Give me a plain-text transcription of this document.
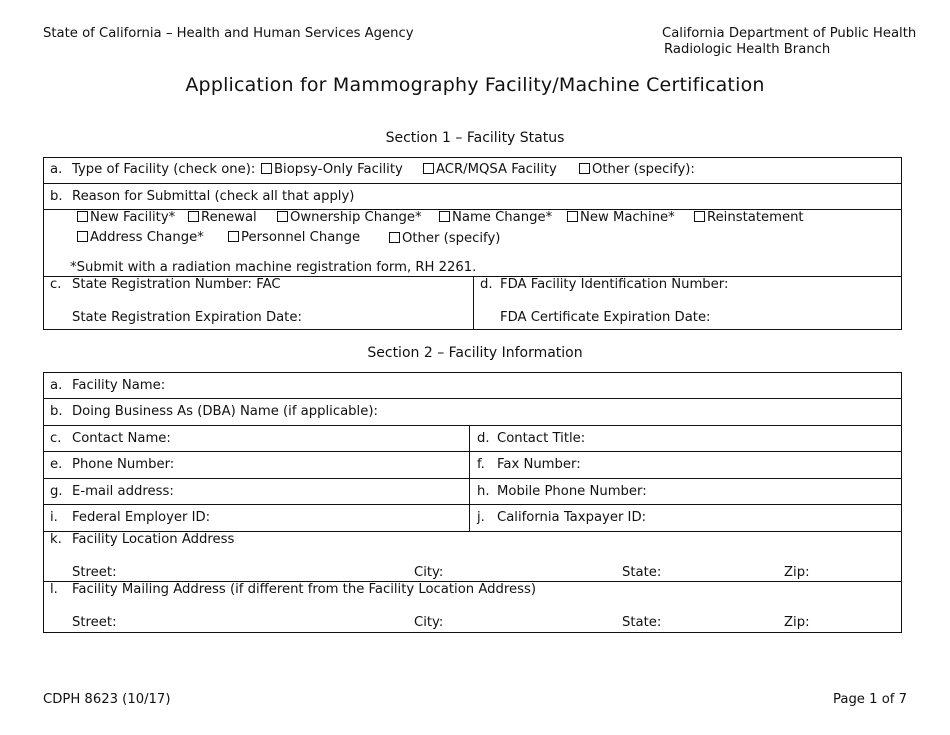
State of California – Health and Human Services Agency	California Department of Public Health
Radiologic Health Branch
Application for Mammography Facility/Machine Certification
Section 1 – Facility Status
a. Type of Facility (check one):	Biopsy-Only Facility	ACR/MQSA Facility	Other (specify):
b. Reason for Submittal (check all that apply)
New Facility*	Renewal	Ownership Change*	Name Change*	New Machine*	Reinstatement
Address Change*	Personnel Change	Other (specify)
*Submit with a radiation machine registration form, RH 2261.
c. State Registration Number: FAC
State Registration Expiration Date:
d. FDA Facility Identification Number:
FDA Certificate Expiration Date:
Section 2 – Facility Information
a. Facility Name:
b. Doing Business As (DBA) Name (if applicable):
c. Contact Name:	d. Contact Title:
e. Phone Number:	f. Fax Number:
g. E-mail address:	h. Mobile Phone Number:
i. Federal Employer ID:	j. California Taxpayer ID:
k. Facility Location Address
Street:	City:	State:	Zip:
l. Facility Mailing Address (if different from the Facility Location Address)
Street:	City:	State:	Zip:
CDPH 8623 (10/17)	Page 1 of 7
